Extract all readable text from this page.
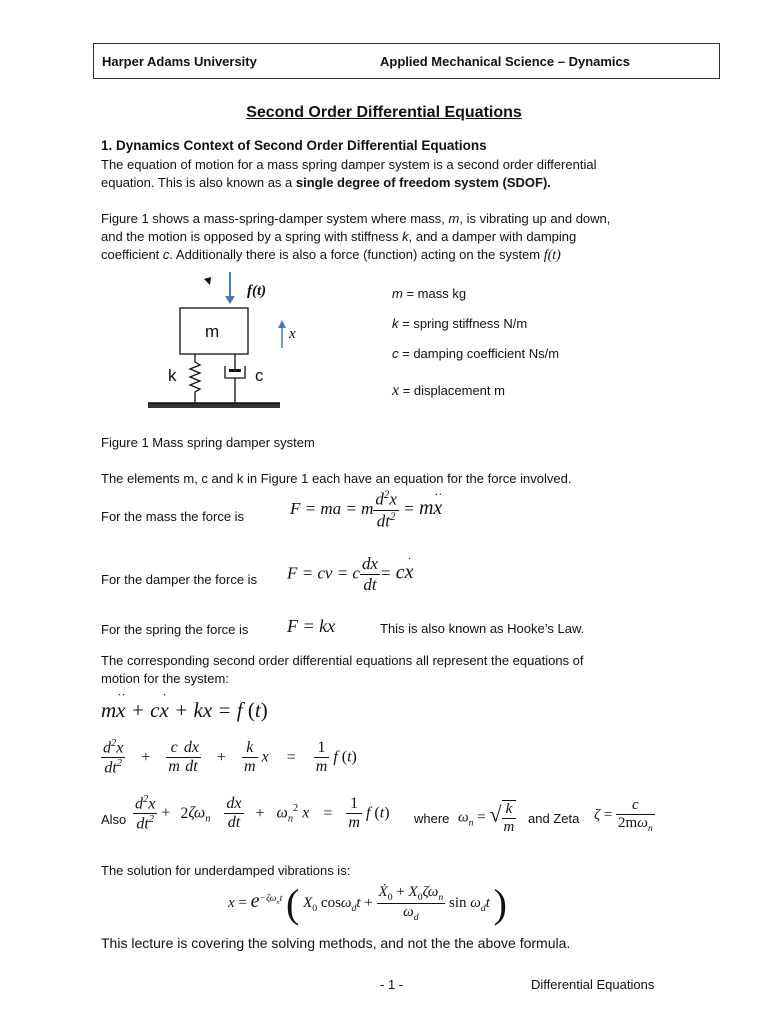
Harper Adams University	Applied Mechanical Science – Dynamics
Second Order Differential Equations
1. Dynamics Context of Second Order Differential Equations
The equation of motion for a mass spring damper system is a second order differential
equation. This is also known as a single degree of freedom system (SDOF).
Figure 1 shows a mass-spring-damper system where mass, m, is vibrating up and down,
and the motion is opposed by a spring with stiffness k, and a damper with damping
coefficient c. Additionally there is also a force (function) acting on the system f(t)
f(t)
m	x
k	c
m = mass kg
k = spring stiffness N/m
c = damping coefficient Ns/m
x = displacement m
Figure 1 Mass spring damper system
The elements m, c and k in Figure 1 each have an equation for the force involved.
For the mass the force is	F = ma = m $\frac{d^2x}{dt^2}$ = mx
··
For the damper the force is F = cv = c $\frac{dx}{dt}$ = cx
·
For the spring the force is F = kx	This is also known as Hooke’s Law.
The corresponding second order differential equations all represent the equations of
motion for the system:
mx
··
+ cx
·
+ kx = f (t)
$\frac{d^2x}{dt^2} + \frac{c}{m} \frac{dx}{dt} + \frac{k}{m}$ $x = \frac{1}{m}$ f (t)
Also $\frac{d^2x}{dt^2} + 2\zeta\omega_n \frac{dx}{dt} + \omega_n^2$ $x = \frac{1}{m}$ f (t) where $\omega_n$ = √ $\frac{k}{m}$ and Zeta $\zeta = \frac{c}{2m\omega_n}$
The solution for underdamped vibrations is:
$x = e^{-\zeta\omega_nt}$ ( $X_0$ $\cos\omega_dt + \frac{Ẋ_0 + X_0\zeta\omega_n}{\omega_d}$ $\sin \omega_dt$ )
This lecture is covering the solving methods, and not the the above formula.
- 1 -	Differential Equations
